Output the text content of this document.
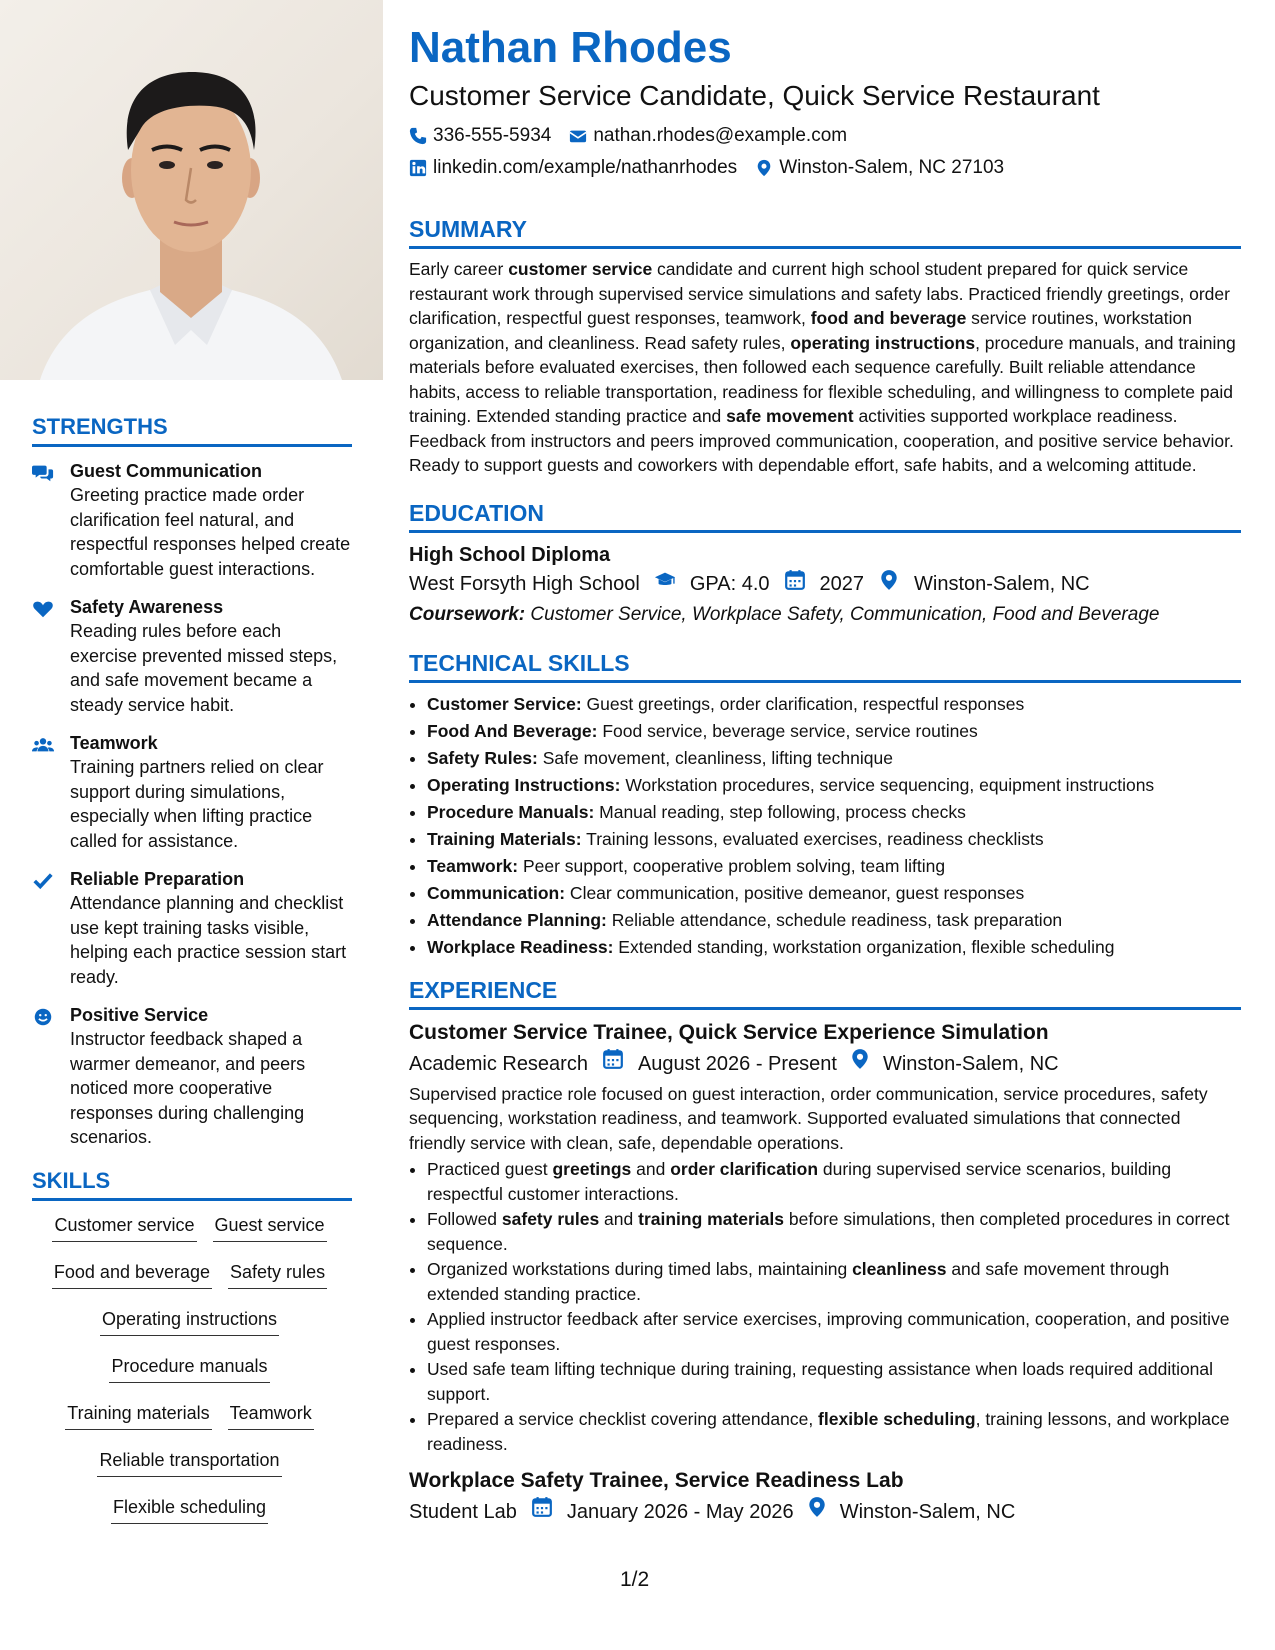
STRENGTHS
Guest Communication
Greeting practice made order clarification feel natural, and respectful responses helped create comfortable guest interactions.
Safety Awareness
Reading rules before each exercise prevented missed steps, and safe movement became a steady service habit.
Teamwork
Training partners relied on clear support during simulations, especially when lifting practice called for assistance.
Reliable Preparation
Attendance planning and checklist use kept training tasks visible, helping each practice session start ready.
Positive Service
Instructor feedback shaped a warmer demeanor, and peers noticed more cooperative responses during challenging scenarios.
SKILLS
Customer service Guest service
Food and beverage Safety rules
Operating instructions
Procedure manuals
Training materials Teamwork
Reliable transportation
Flexible scheduling
Nathan Rhodes
Customer Service Candidate, Quick Service Restaurant
336-555-5934 nathan.rhodes@example.com
linkedin.com/example/nathanrhodes Winston-Salem, NC 27103
SUMMARY

Early career customer service candidate and current high school student prepared for quick service restaurant work through supervised service simulations and safety labs. Practiced friendly greetings, order clarification, respectful guest responses, teamwork, food and beverage service routines, workstation organization, and cleanliness. Read safety rules, operating instructions, procedure manuals, and training materials before evaluated exercises, then followed each sequence carefully. Built reliable attendance habits, access to reliable transportation, readiness for flexible scheduling, and willingness to complete paid training. Extended standing practice and safe movement activities supported workplace readiness. Feedback from instructors and peers improved communication, cooperation, and positive service behavior. Ready to support guests and coworkers with dependable effort, safe habits, and a welcoming attitude.

EDUCATION
High School Diploma
West Forsyth High School	GPA: 4.0	2027	Winston-Salem, NC
Coursework: Customer Service, Workplace Safety, Communication, Food and Beverage
TECHNICAL SKILLS
• Customer Service: Guest greetings, order clarification, respectful responses
• Food And Beverage: Food service, beverage service, service routines
• Safety Rules: Safe movement, cleanliness, lifting technique
• Operating Instructions: Workstation procedures, service sequencing, equipment instructions
• Procedure Manuals: Manual reading, step following, process checks
• Training Materials: Training lessons, evaluated exercises, readiness checklists
• Teamwork: Peer support, cooperative problem solving, team lifting
• Communication: Clear communication, positive demeanor, guest responses
• Attendance Planning: Reliable attendance, schedule readiness, task preparation
• Workplace Readiness: Extended standing, workstation organization, flexible scheduling
EXPERIENCE
Customer Service Trainee, Quick Service Experience Simulation
Academic Research	August 2026 - Present Winston-Salem, NC

Supervised practice role focused on guest interaction, order communication, service procedures, safety sequencing, workstation readiness, and teamwork. Supported evaluated simulations that connected friendly service with clean, safe, dependable operations.

• Practiced guest greetings and order clarification during supervised service scenarios, building respectful customer interactions.
• Followed safety rules and training materials before simulations, then completed procedures in correct sequence.
• Organized workstations during timed labs, maintaining cleanliness and safe movement through extended standing practice.
• Applied instructor feedback after service exercises, improving communication, cooperation, and positive guest responses.
• Used safe team lifting technique during training, requesting assistance when loads required additional support.
• Prepared a service checklist covering attendance, flexible scheduling, training lessons, and workplace readiness.
Workplace Safety Trainee, Service Readiness Lab
Student Lab	January 2026 - May 2026 Winston-Salem, NC
1/2
